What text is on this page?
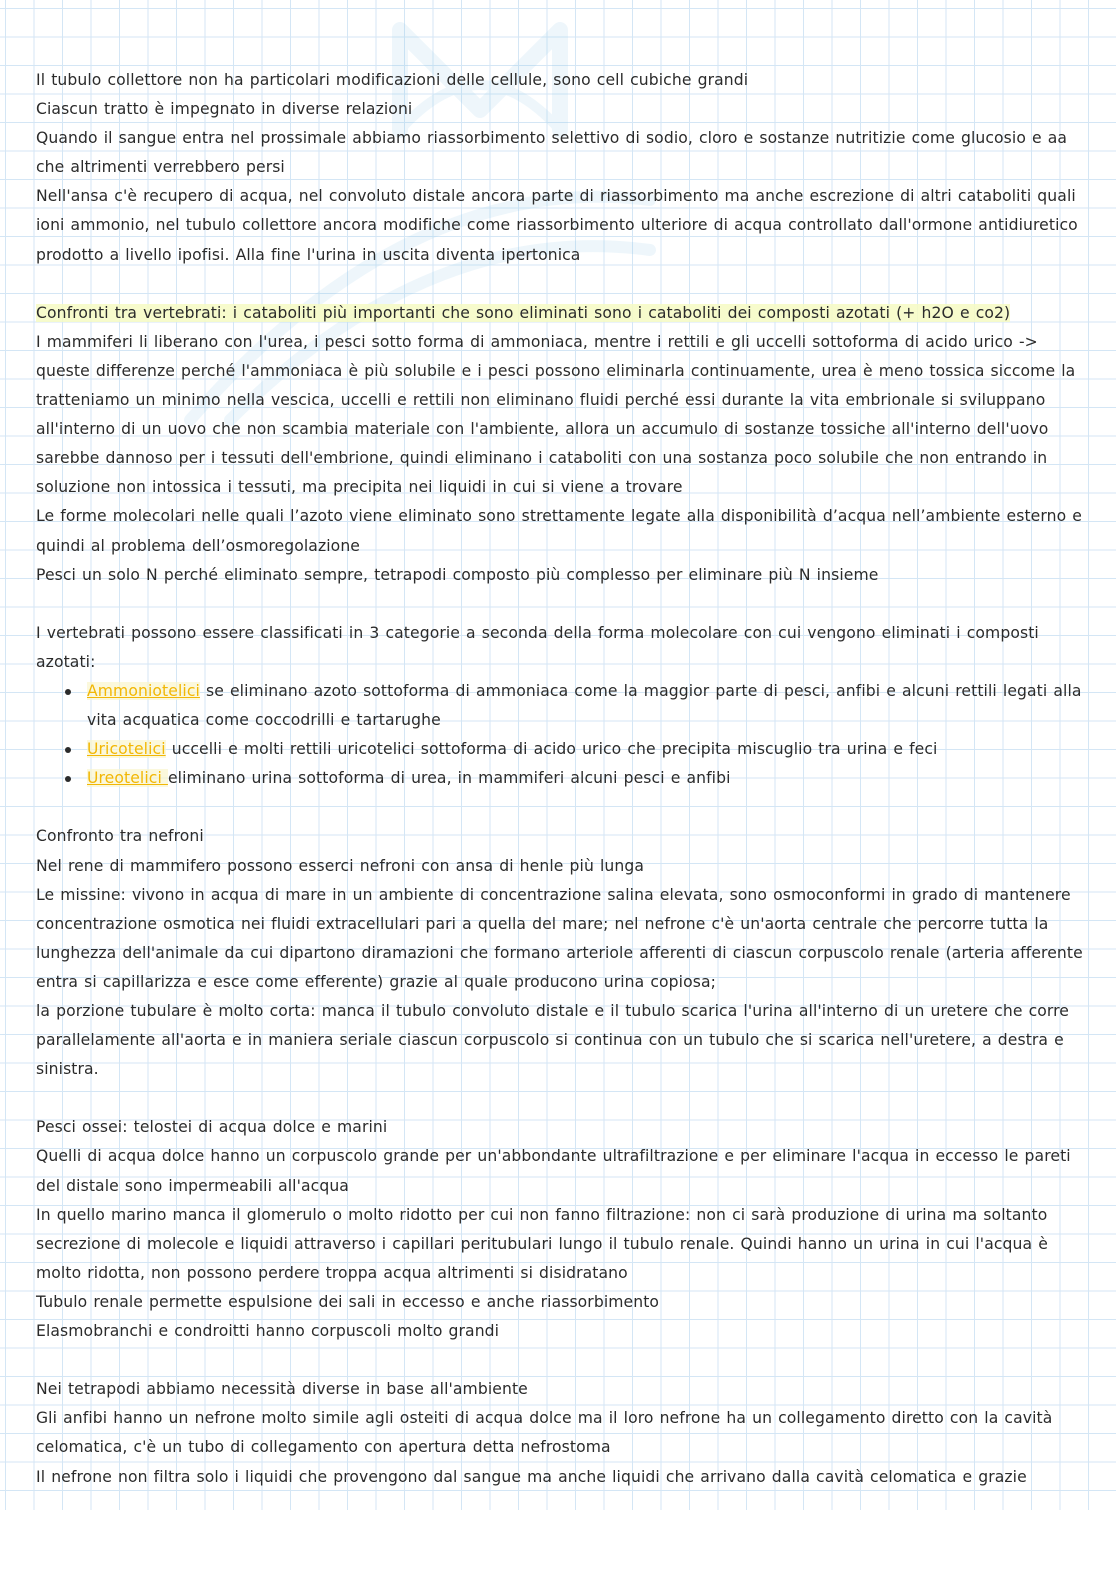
Il tubulo collettore non ha particolari modificazioni delle cellule, sono cell cubiche grandi

Ciascun tratto è impegnato in diverse relazioni

Quando il sangue entra nel prossimale abbiamo riassorbimento selettivo di sodio, cloro e sostanze nutritizie come glucosio e aa che altrimenti verrebbero persi

Nell'ansa c'è recupero di acqua, nel convoluto distale ancora parte di riassorbimento ma anche escrezione di altri cataboliti quali ioni ammonio, nel tubulo collettore ancora modifiche come riassorbimento ulteriore di acqua controllato dall'ormone antidiuretico prodotto a livello ipofisi. Alla fine l'urina in uscita diventa ipertonica

Confronti tra vertebrati: i cataboliti più importanti che sono eliminati sono i cataboliti dei composti azotati (+ h2O e co2)

I mammiferi li liberano con l'urea, i pesci sotto forma di ammoniaca, mentre i rettili e gli uccelli sottoforma di acido urico -> queste differenze perché l'ammoniaca è più solubile e i pesci possono eliminarla continuamente, urea è meno tossica siccome la tratteniamo un minimo nella vescica, uccelli e rettili non eliminano fluidi perché essi durante la vita embrionale si sviluppano all'interno di un uovo che non scambia materiale con l'ambiente, allora un accumulo di sostanze tossiche all'interno dell'uovo sarebbe dannoso per i tessuti dell'embrione, quindi eliminano i cataboliti con una sostanza poco solubile che non entrando in soluzione non intossica i tessuti, ma precipita nei liquidi in cui si viene a trovare

Le forme molecolari nelle quali l’azoto viene eliminato sono strettamente legate alla disponibilità d’acqua nell’ambiente esterno e quindi al problema dell’osmoregolazione

Pesci un solo N perché eliminato sempre, tetrapodi composto più complesso per eliminare più N insieme

I vertebrati possono essere classificati in 3 categorie a seconda della forma molecolare con cui vengono eliminati i composti azotati:

Ammoniotelici se eliminano azoto sottoforma di ammoniaca come la maggior parte di pesci, anfibi e alcuni rettili legati alla vita acquatica come coccodrilli e tartarughe
Uricotelici uccelli e molti rettili uricotelici sottoforma di acido urico che precipita miscuglio tra urina e feci
Ureotelici eliminano urina sottoforma di urea, in mammiferi alcuni pesci e anfibi

Confronto tra nefroni

Nel rene di mammifero possono esserci nefroni con ansa di henle più lunga

Le missine: vivono in acqua di mare in un ambiente di concentrazione salina elevata, sono osmoconformi in grado di mantenere concentrazione osmotica nei fluidi extracellulari pari a quella del mare; nel nefrone c'è un'aorta centrale che percorre tutta la lunghezza dell'animale da cui dipartono diramazioni che formano arteriole afferenti di ciascun corpuscolo renale (arteria afferente entra si capillarizza e esce come efferente) grazie al quale producono urina copiosa;

la porzione tubulare è molto corta: manca il tubulo convoluto distale e il tubulo scarica l'urina all'interno di un uretere che corre parallelamente all'aorta e in maniera seriale ciascun corpuscolo si continua con un tubulo che si scarica nell'uretere, a destra e sinistra.

Pesci ossei: telostei di acqua dolce e marini

Quelli di acqua dolce hanno un corpuscolo grande per un'abbondante ultrafiltrazione e per eliminare l'acqua in eccesso le pareti del distale sono impermeabili all'acqua

In quello marino manca il glomerulo o molto ridotto per cui non fanno filtrazione: non ci sarà produzione di urina ma soltanto secrezione di molecole e liquidi attraverso i capillari peritubulari lungo il tubulo renale. Quindi hanno un urina in cui l'acqua è molto ridotta, non possono perdere troppa acqua altrimenti si disidratano

Tubulo renale permette espulsione dei sali in eccesso e anche riassorbimento

Elasmobranchi e condroitti hanno corpuscoli molto grandi

Nei tetrapodi abbiamo necessità diverse in base all'ambiente

Gli anfibi hanno un nefrone molto simile agli osteiti di acqua dolce ma il loro nefrone ha un collegamento diretto con la cavità celomatica, c'è un tubo di collegamento con apertura detta nefrostoma

Il nefrone non filtra solo i liquidi che provengono dal sangue ma anche liquidi che arrivano dalla cavità celomatica e grazie
